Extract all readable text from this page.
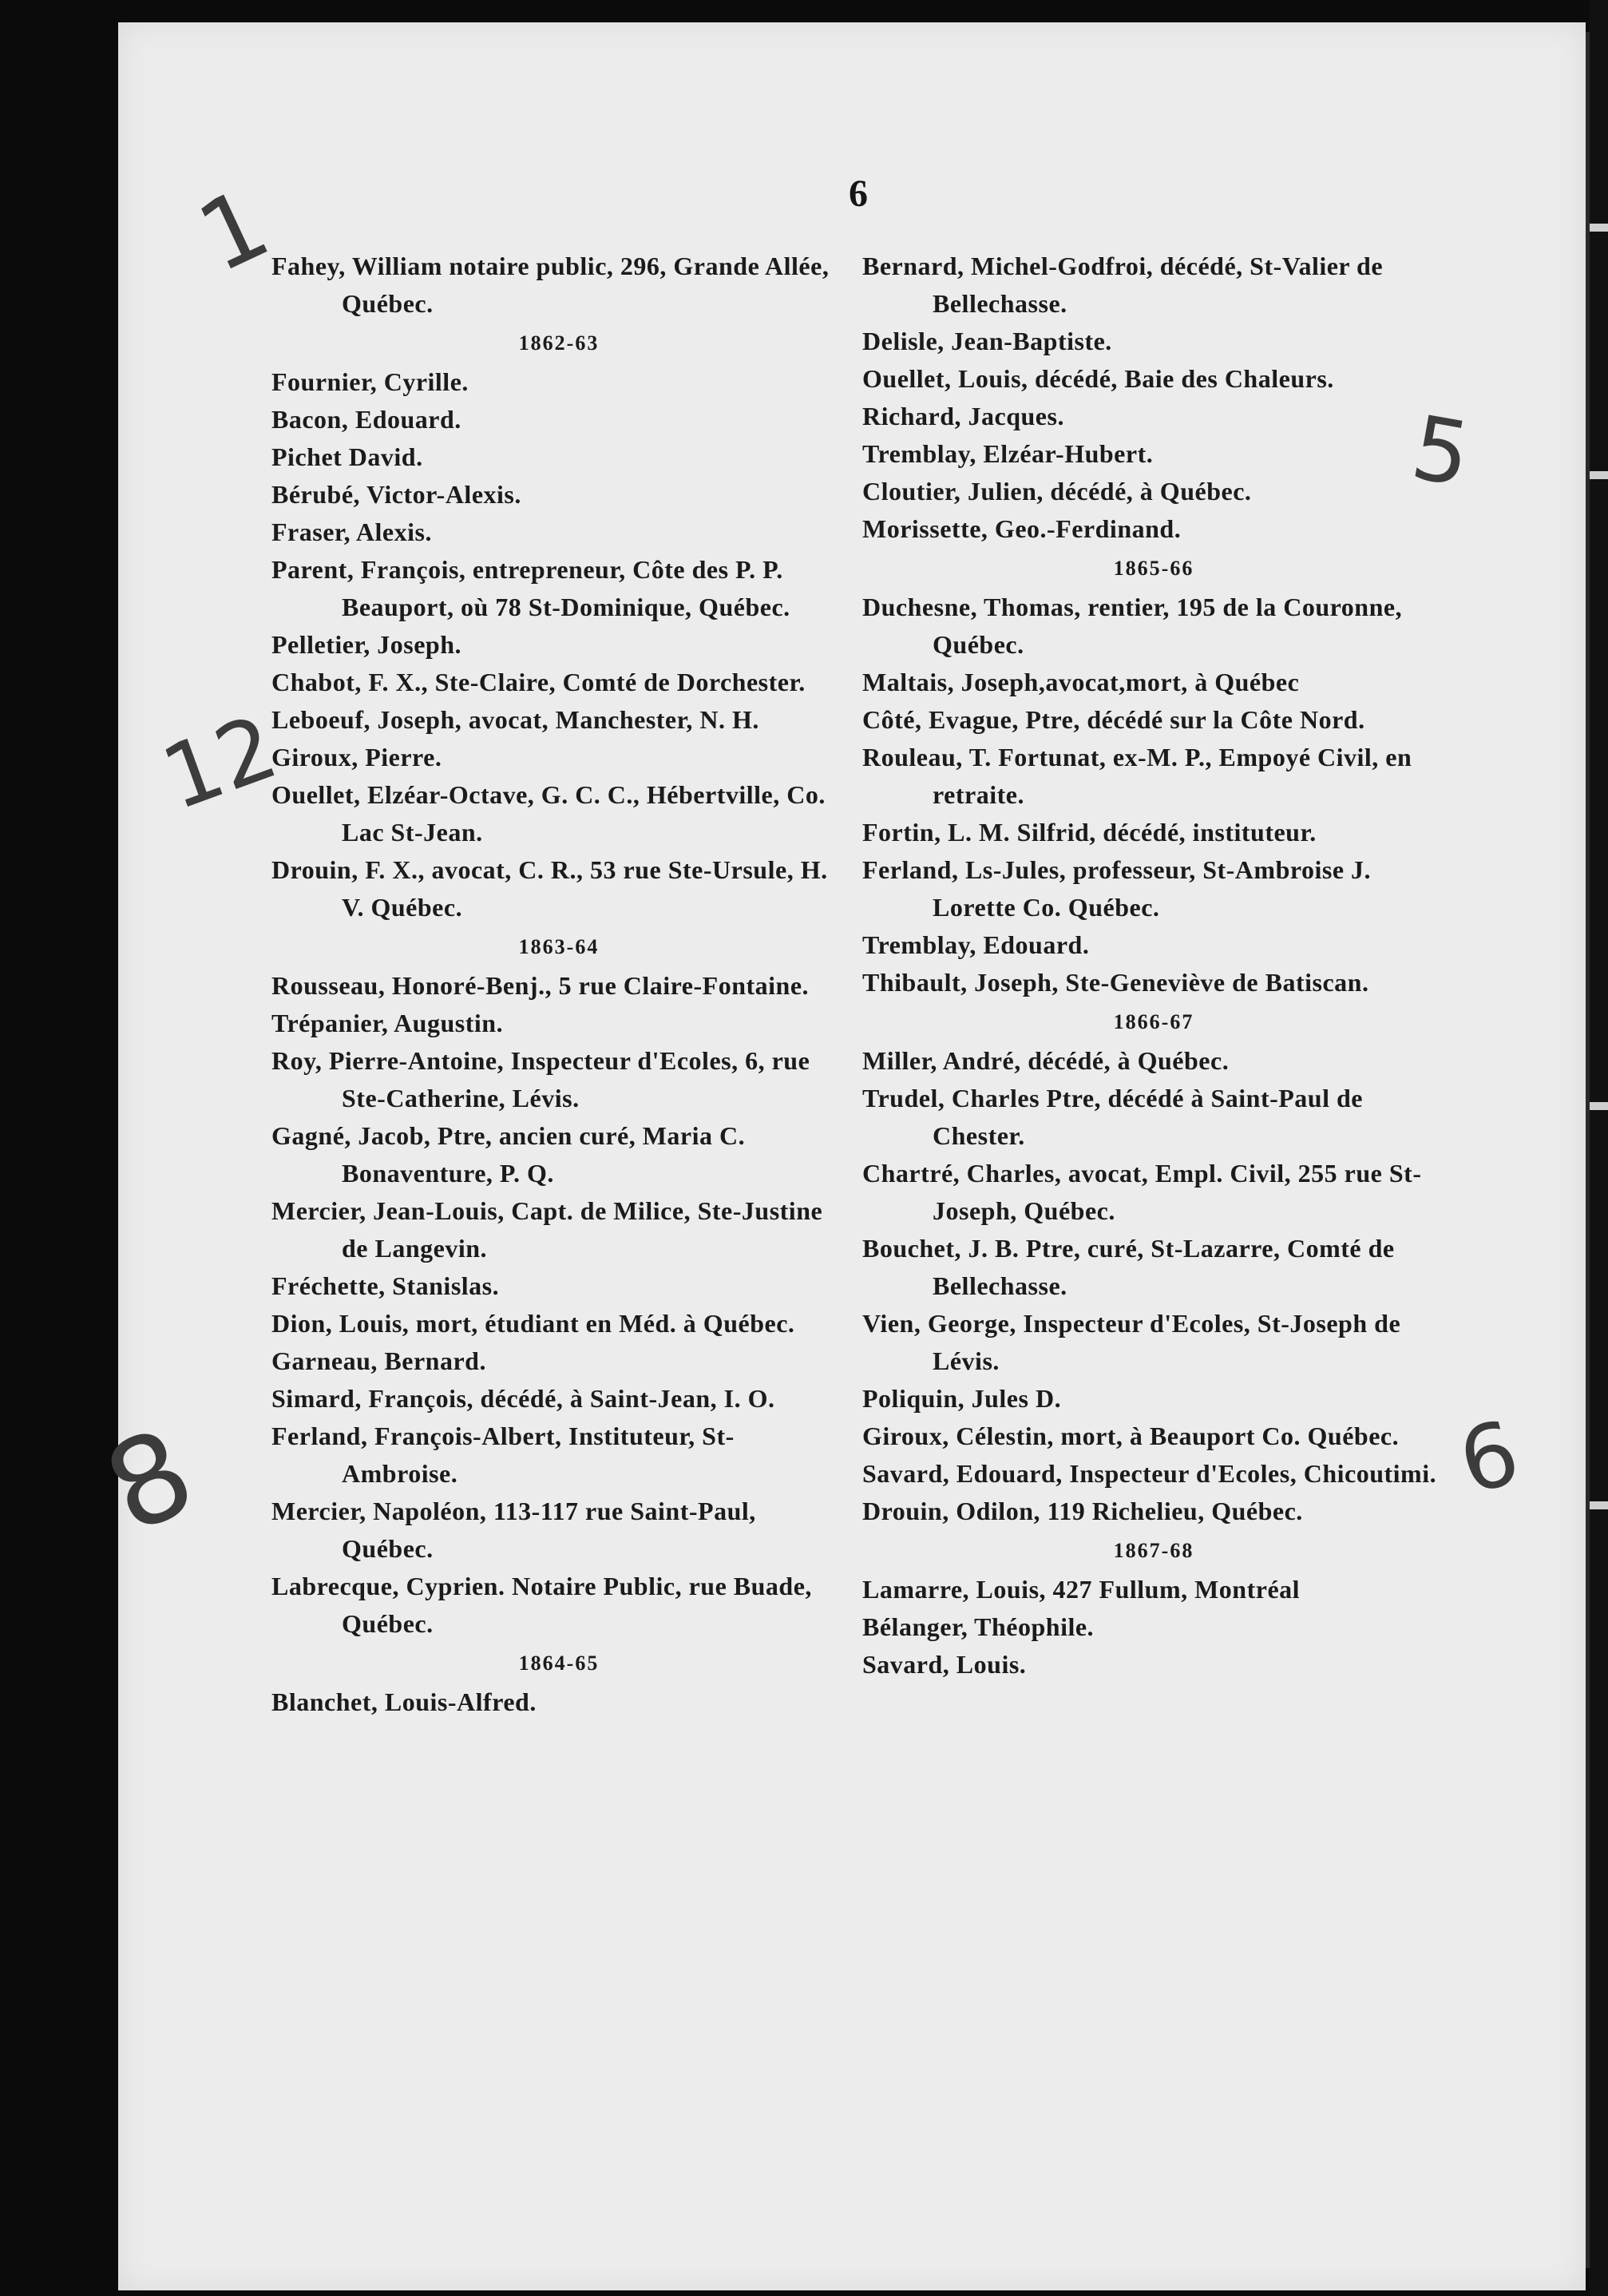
6
1
12
8
5
6
Fahey, William notaire public, 296, Grande Allée, Québec.
1862-63
Fournier, Cyrille.
Bacon, Edouard.
Pichet David.
Bérubé, Victor-Alexis.
Fraser, Alexis.
Parent, François, entrepreneur, Côte des P. P. Beauport, où 78 St-Dominique, Québec.
Pelletier, Joseph.
Chabot, F. X., Ste-Claire, Comté de Dorchester.
Leboeuf, Joseph, avocat, Manchester, N. H.
Giroux, Pierre.
Ouellet, Elzéar-Octave, G. C. C., Hébertville, Co. Lac St-Jean.
Drouin, F. X., avocat, C. R., 53 rue Ste-Ursule, H. V. Québec.
1863-64
Rousseau, Honoré-Benj., 5 rue Claire-Fontaine.
Trépanier, Augustin.
Roy, Pierre-Antoine, Inspecteur d'Ecoles, 6, rue Ste-Catherine, Lévis.
Gagné, Jacob, Ptre, ancien curé, Maria C. Bonaventure, P. Q.
Mercier, Jean-Louis, Capt. de Milice, Ste-Justine de Langevin.
Fréchette, Stanislas.
Dion, Louis, mort, étudiant en Méd. à Québec.
Garneau, Bernard.
Simard, François, décédé, à Saint-Jean, I. O.
Ferland, François-Albert, Instituteur, St-Ambroise.
Mercier, Napoléon, 113-117 rue Saint-Paul, Québec.
Labrecque, Cyprien. Notaire Public, rue Buade, Québec.
1864-65
Blanchet, Louis-Alfred.
Bernard, Michel-Godfroi, décédé, St-Valier de Bellechasse.
Delisle, Jean-Baptiste.
Ouellet, Louis, décédé, Baie des Chaleurs.
Richard, Jacques.
Tremblay, Elzéar-Hubert.
Cloutier, Julien, décédé, à Québec.
Morissette, Geo.-Ferdinand.
1865-66
Duchesne, Thomas, rentier, 195 de la Couronne, Québec.
Maltais, Joseph,avocat,mort, à Québec
Côté, Evague, Ptre, décédé sur la Côte Nord.
Rouleau, T. Fortunat, ex-M. P., Empoyé Civil, en retraite.
Fortin, L. M. Silfrid, décédé, instituteur.
Ferland, Ls-Jules, professeur, St-Ambroise J. Lorette Co. Québec.
Tremblay, Edouard.
Thibault, Joseph, Ste-Geneviève de Batiscan.
1866-67
Miller, André, décédé, à Québec.
Trudel, Charles Ptre, décédé à Saint-Paul de Chester.
Chartré, Charles, avocat, Empl. Civil, 255 rue St-Joseph, Québec.
Bouchet, J. B. Ptre, curé, St-Lazarre, Comté de Bellechasse.
Vien, George, Inspecteur d'Ecoles, St-Joseph de Lévis.
Poliquin, Jules D.
Giroux, Célestin, mort, à Beauport Co. Québec.
Savard, Edouard, Inspecteur d'Ecoles, Chicoutimi.
Drouin, Odilon, 119 Richelieu, Québec.
1867-68
Lamarre, Louis, 427 Fullum, Montréal
Bélanger, Théophile.
Savard, Louis.
